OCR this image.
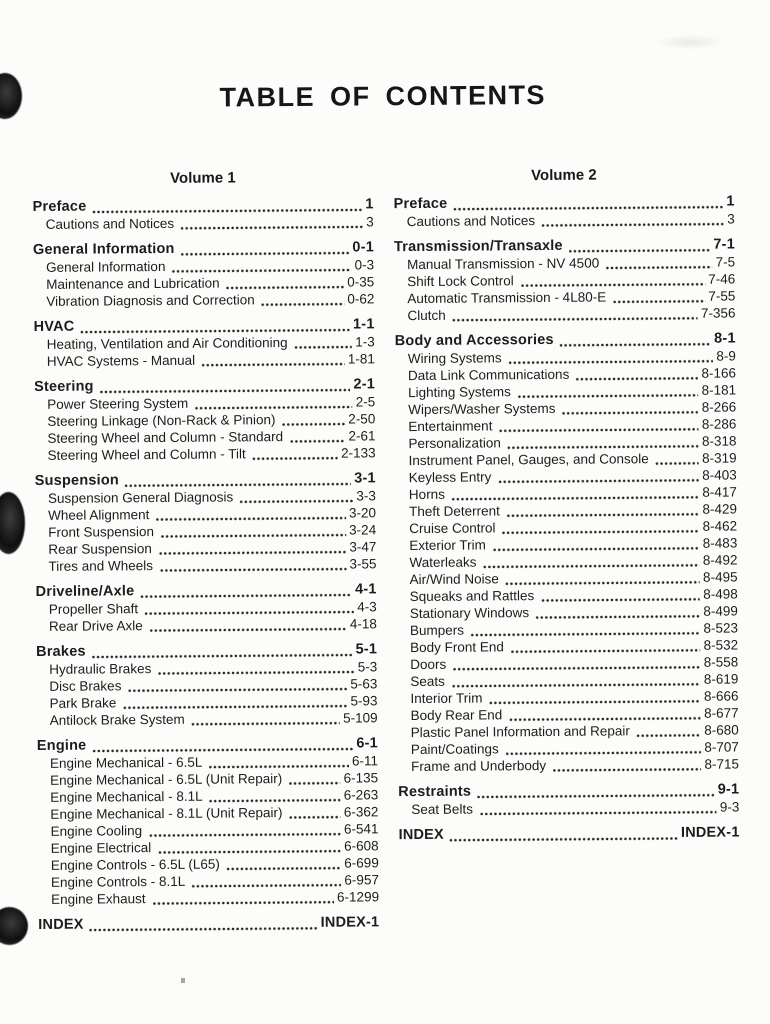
TABLE OF CONTENTS
Volume 1
Preface	1
Cautions and Notices	3
General Information	0-1
General Information	0-3
Maintenance and Lubrication	0-35
Vibration Diagnosis and Correction	0-62
HVAC	1-1
Heating, Ventilation and Air Conditioning	1-3
HVAC Systems - Manual	1-81
Steering	2-1
Power Steering System	2-5
Steering Linkage (Non-Rack & Pinion)	2-50
Steering Wheel and Column - Standard	2-61
Steering Wheel and Column - Tilt	2-133
Suspension	3-1
Suspension General Diagnosis	3-3
Wheel Alignment	3-20
Front Suspension	3-24
Rear Suspension	3-47
Tires and Wheels	3-55
Driveline/Axle	4-1
Propeller Shaft	4-3
Rear Drive Axle	4-18
Brakes	5-1
Hydraulic Brakes	5-3
Disc Brakes	5-63
Park Brake	5-93
Antilock Brake System	5-109
Engine	6-1
Engine Mechanical - 6.5L	6-11
Engine Mechanical - 6.5L (Unit Repair)	6-135
Engine Mechanical - 8.1L	6-263
Engine Mechanical - 8.1L (Unit Repair)	6-362
Engine Cooling	6-541
Engine Electrical	6-608
Engine Controls - 6.5L (L65)	6-699
Engine Controls - 8.1L	6-957
Engine Exhaust	6-1299
INDEX	INDEX-1
Volume 2
Preface	1
Cautions and Notices	3
Transmission/Transaxle	7-1
Manual Transmission - NV 4500	7-5
Shift Lock Control	7-46
Automatic Transmission - 4L80-E	7-55
Clutch	7-356
Body and Accessories	8-1
Wiring Systems	8-9
Data Link Communications	8-166
Lighting Systems	8-181
Wipers/Washer Systems	8-266
Entertainment	8-286
Personalization	8-318
Instrument Panel, Gauges, and Console	8-319
Keyless Entry	8-403
Horns	8-417
Theft Deterrent	8-429
Cruise Control	8-462
Exterior Trim	8-483
Waterleaks	8-492
Air/Wind Noise	8-495
Squeaks and Rattles	8-498
Stationary Windows	8-499
Bumpers	8-523
Body Front End	8-532
Doors	8-558
Seats	8-619
Interior Trim	8-666
Body Rear End	8-677
Plastic Panel Information and Repair	8-680
Paint/Coatings	8-707
Frame and Underbody	8-715
Restraints	9-1
Seat Belts	9-3
INDEX	INDEX-1
